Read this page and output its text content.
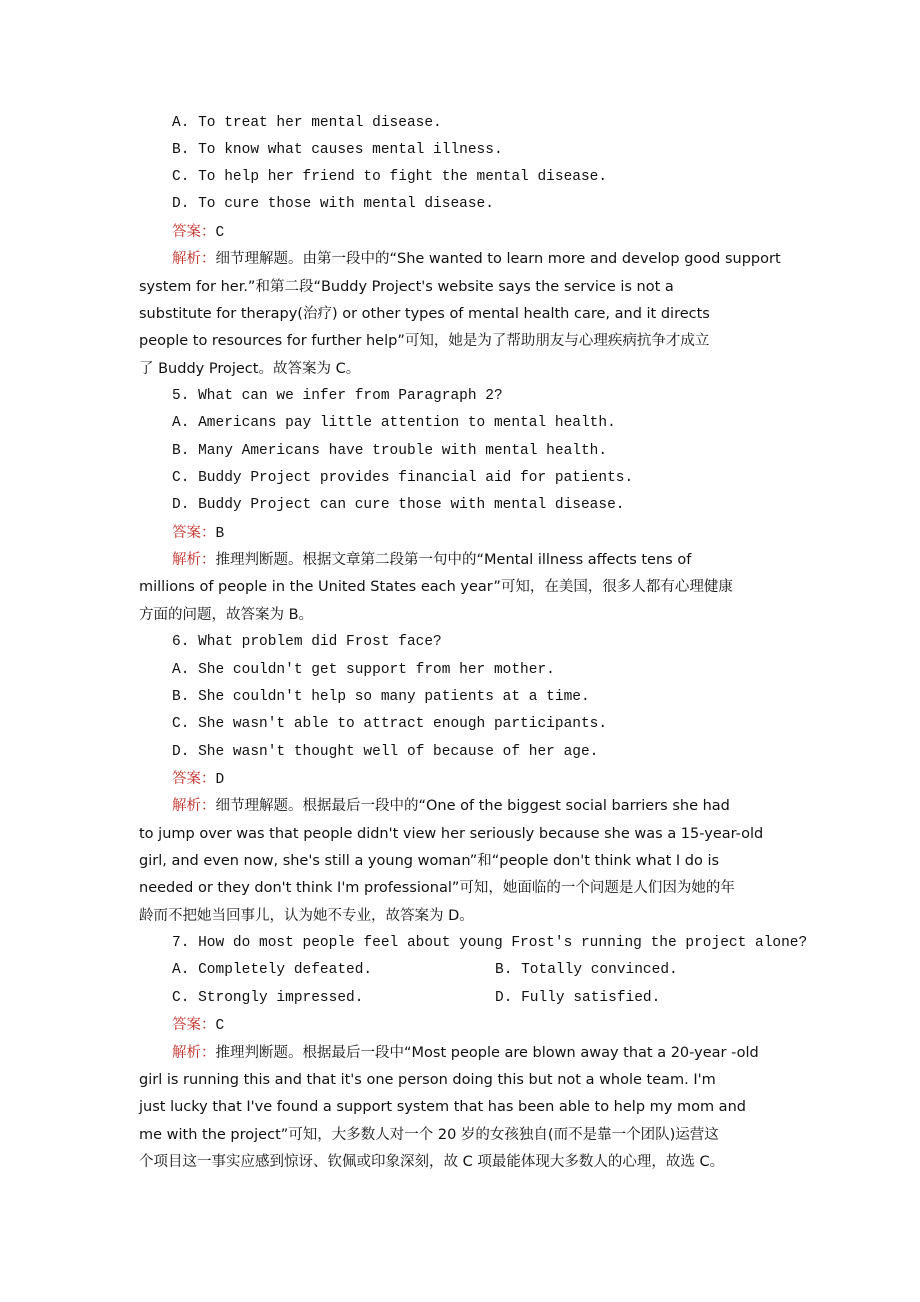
A. To treat her mental disease.
B. To know what causes mental illness.
C. To help her friend to fight the mental disease.
D. To cure those with mental disease.
答案：C
解析：细节理解题。由第一段中的“She wanted to learn more and develop good support
system for her.”和第二段“Buddy Project's website says the service is not a
substitute for therapy(治疗) or other types of mental health care, and it directs
people to resources for further help”可知，她是为了帮助朋友与心理疾病抗争才成立
了 Buddy Project。故答案为 C。
5. What can we infer from Paragraph 2?
A. Americans pay little attention to mental health.
B. Many Americans have trouble with mental health.
C. Buddy Project provides financial aid for patients.
D. Buddy Project can cure those with mental disease.
答案：B
解析：推理判断题。根据文章第二段第一句中的“Mental illness affects tens of
millions of people in the United States each year”可知，在美国，很多人都有心理健康
方面的问题，故答案为 B。
6. What problem did Frost face?
A. She couldn't get support from her mother.
B. She couldn't help so many patients at a time.
C. She wasn't able to attract enough participants.
D. She wasn't thought well of because of her age.
答案：D
解析：细节理解题。根据最后一段中的“One of the biggest social barriers she had
to jump over was that people didn't view her seriously because she was a 15-year-old
girl, and even now, she's still a young woman”和“people don't think what I do is
needed or they don't think I'm professional”可知，她面临的一个问题是人们因为她的年
龄而不把她当回事儿，认为她不专业，故答案为 D。
7. How do most people feel about young Frost's running the project alone?
A. Completely defeated.	B. Totally convinced.
C. Strongly impressed.	D. Fully satisfied.
答案：C
解析：推理判断题。根据最后一段中“Most people are blown away that a 20-year -old
girl is running this and that it's one person doing this but not a whole team. I'm
just lucky that I've found a support system that has been able to help my mom and
me with the project”可知，大多数人对一个 20 岁的女孩独自(而不是靠一个团队)运营这
个项目这一事实应感到惊讶、钦佩或印象深刻，故 C 项最能体现大多数人的心理，故选 C。
